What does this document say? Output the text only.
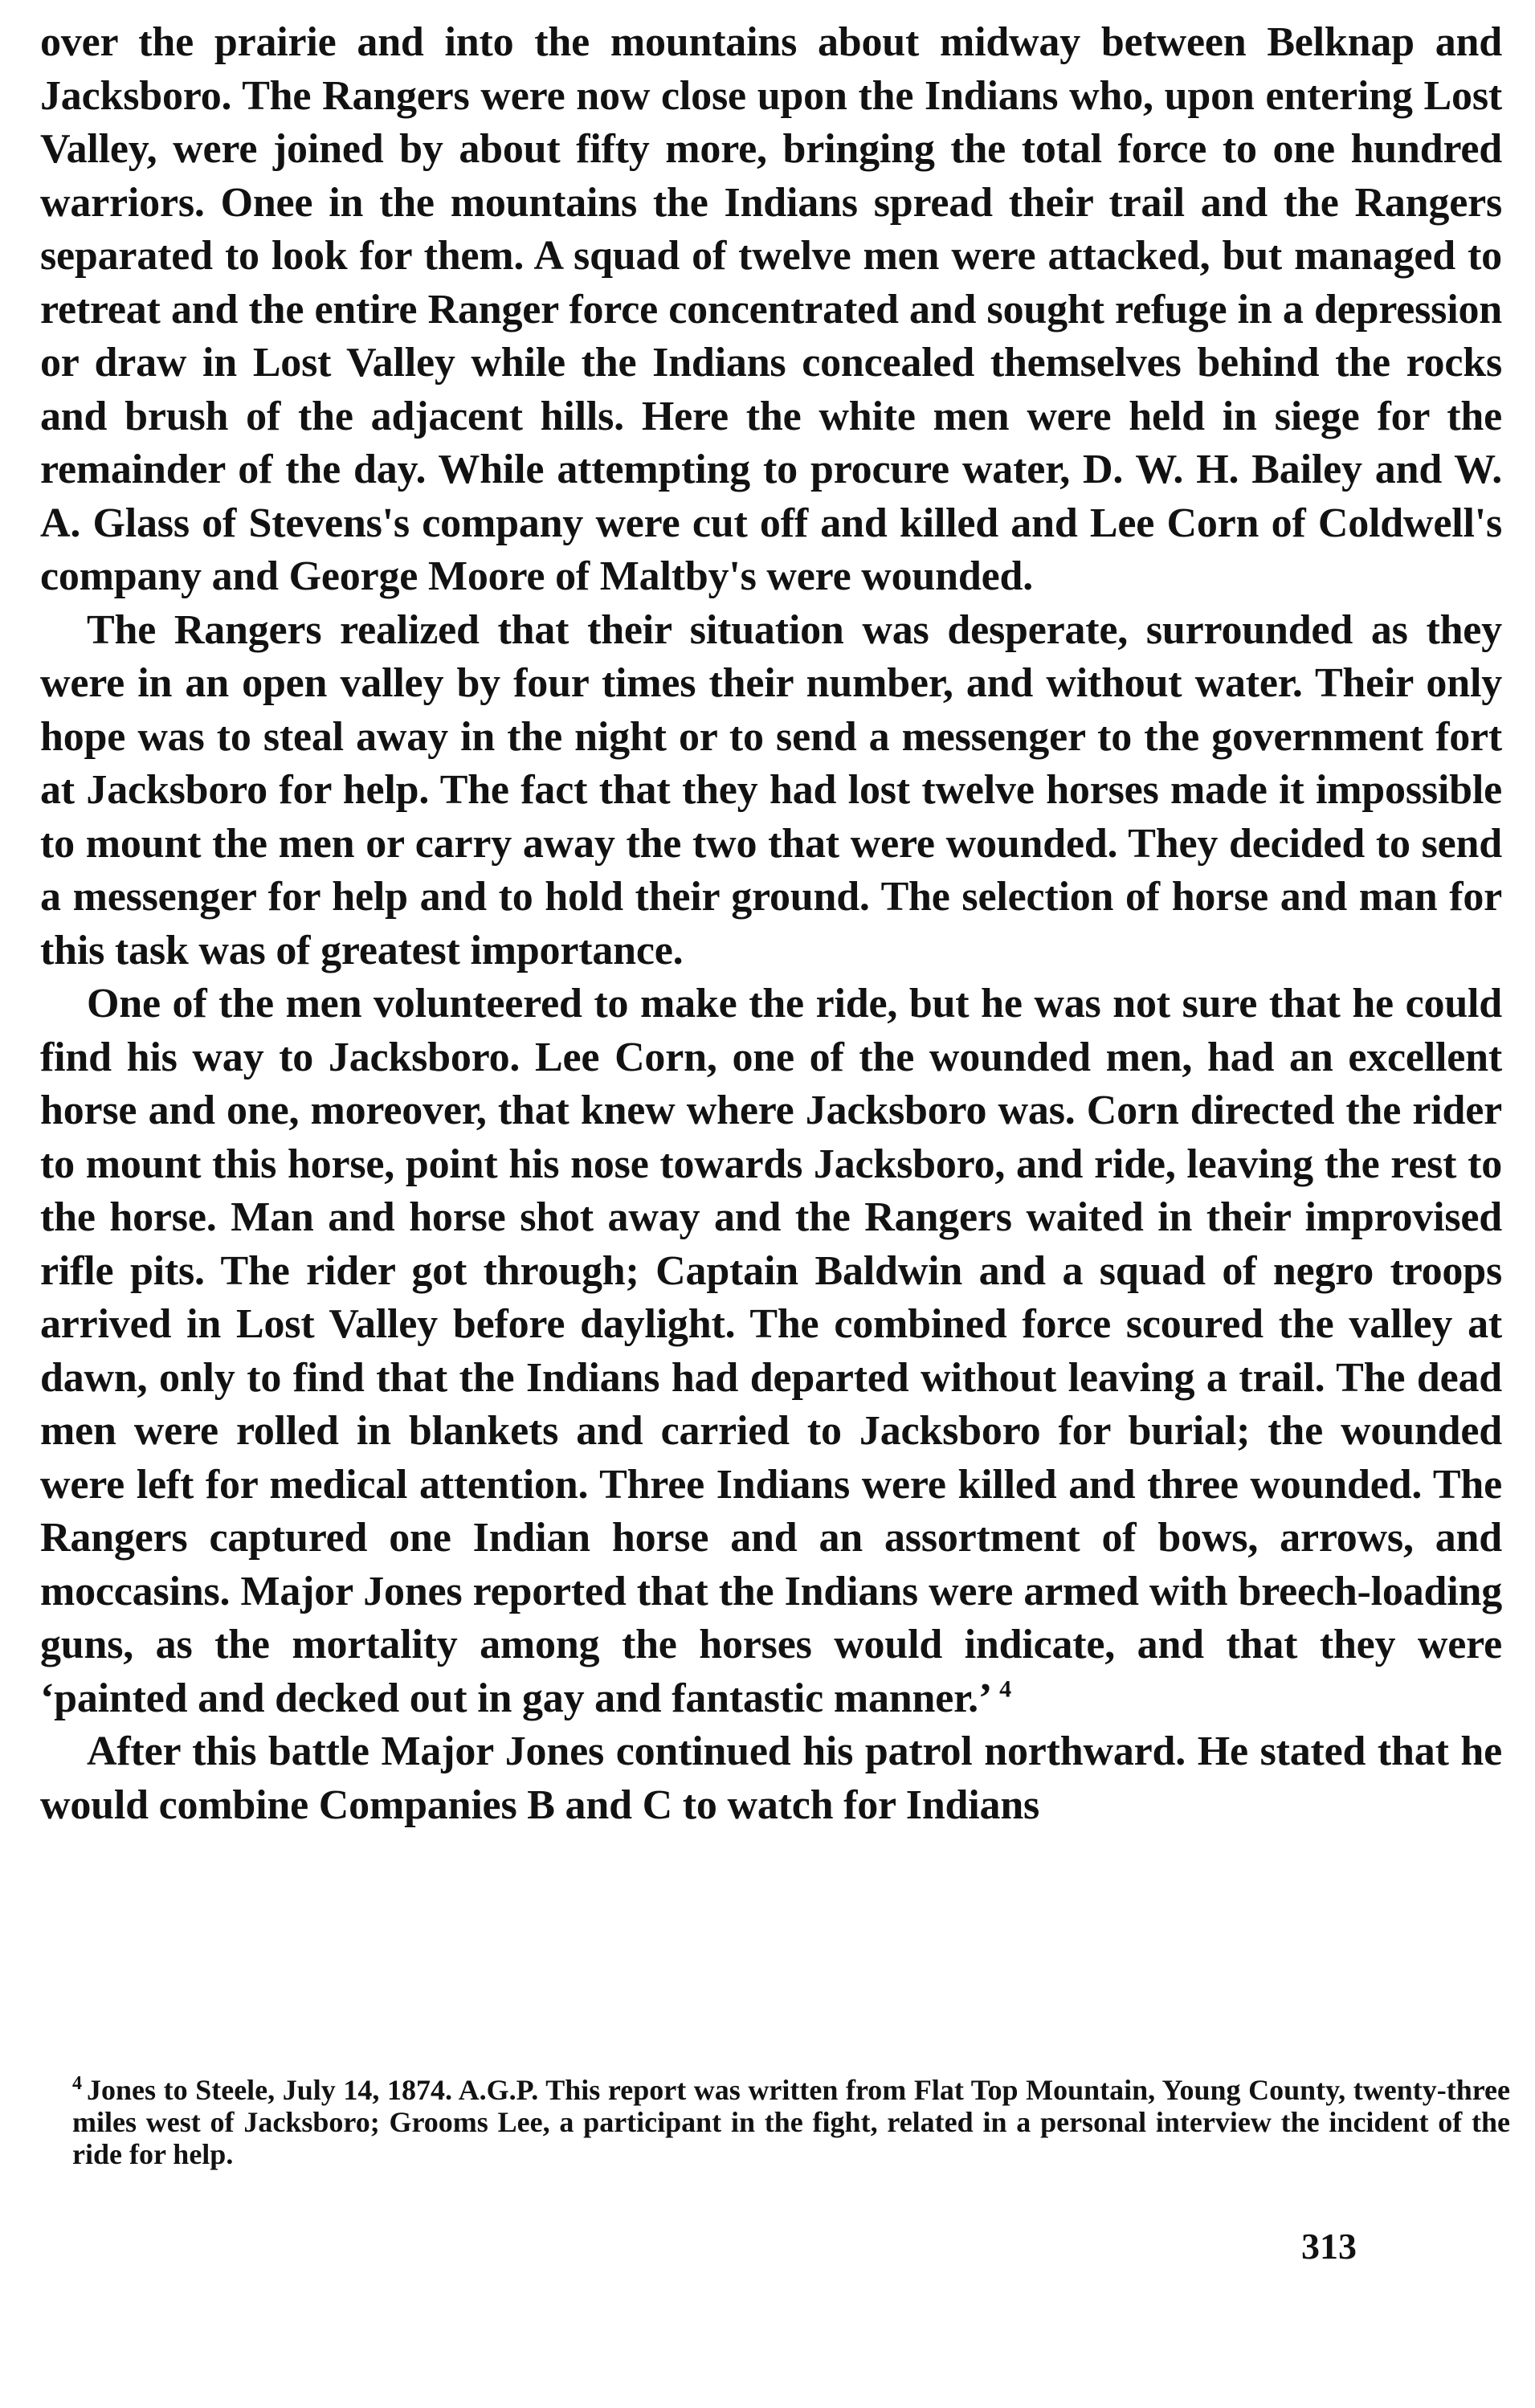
over the prairie and into the mountains about midway between Belknap and Jacksboro. The Rangers were now close upon the Indians who, upon entering Lost Valley, were joined by about fifty more, bringing the total force to one hundred warriors. Onee in the mountains the Indians spread their trail and the Rangers separated to look for them. A squad of twelve men were attacked, but managed to retreat and the entire Ranger force concentrated and sought refuge in a depression or draw in Lost Valley while the Indians concealed themselves behind the rocks and brush of the adjacent hills. Here the white men were held in siege for the remainder of the day. While attempting to procure water, D. W. H. Bailey and W. A. Glass of Stevens's company were cut off and killed and Lee Corn of Coldwell's company and George Moore of Maltby's were wounded.

The Rangers realized that their situation was desperate, surrounded as they were in an open valley by four times their number, and without water. Their only hope was to steal away in the night or to send a messenger to the government fort at Jacksboro for help. The fact that they had lost twelve horses made it impossible to mount the men or carry away the two that were wounded. They decided to send a messenger for help and to hold their ground. The selection of horse and man for this task was of greatest importance.

One of the men volunteered to make the ride, but he was not sure that he could find his way to Jacksboro. Lee Corn, one of the wounded men, had an excellent horse and one, moreover, that knew where Jacksboro was. Corn directed the rider to mount this horse, point his nose towards Jacksboro, and ride, leaving the rest to the horse. Man and horse shot away and the Rangers waited in their improvised rifle pits. The rider got through; Captain Baldwin and a squad of negro troops arrived in Lost Valley before daylight. The combined force scoured the valley at dawn, only to find that the Indians had departed without leaving a trail. The dead men were rolled in blankets and carried to Jacksboro for burial; the wounded were left for medical attention. Three Indians were killed and three wounded. The Rangers captured one Indian horse and an assortment of bows, arrows, and moccasins. Major Jones reported that the Indians were armed with breech-loading guns, as the mortality among the horses would indicate, and that they were ‘painted and decked out in gay and fantastic manner.’ $^4$

After this battle Major Jones continued his patrol northward. He stated that he would combine Companies B and C to watch for Indians

$^4$ Jones to Steele, July 14, 1874. A.G.P. This report was written from Flat Top Mountain, Young County, twenty-three miles west of Jacksboro; Grooms Lee, a participant in the fight, related in a personal interview the incident of the ride for help.

313
